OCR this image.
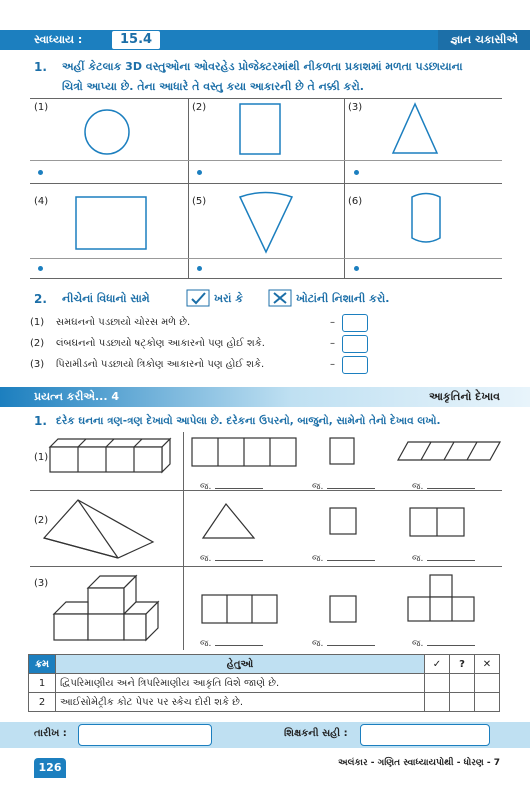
સ્વાધ્યાય :	15.4	જ્ઞાન ચકાસીએ
1. અહીં કેટલાક 3D વસ્તુઓના ઓવરહેડ પ્રોજેક્ટરમાંથી નીકળતા પ્રકાશમાં મળતા પડછાયાના
ચિત્રો આપ્યા છે. તેના આધારે તે વસ્તુ કયા આકારની છે તે નક્કી કરો.
(1)	(2)	(3)
(4)	(5)	(6)
2. નીચેનાં વિધાનો સામે	ખરાં કે	ખોટાંની નિશાની કરો.
(1) સમઘનનો પડછાયો ચોરસ મળે છે.	–
(2) લંબઘનનો પડછાયો ષટ્કોણ આકારનો પણ હોઈ શકે.	–
(3) પિરામીડનો પડછાયો ત્રિકોણ આકારનો પણ હોઈ શકે.	–
પ્રયત્ન કરીએ... 4	આકૃતિનો દેખાવ
1. દરેક ઘનના ત્રણ-ત્રણ દેખાવો આપેલા છે. દરેકના ઉપરનો, બાજુનો, સામેનો તેનો દેખાવ લખો.
(1)
(2)
(3)
જ.	જ.	જ.
જ.	જ.	જ.
જ.	જ.	જ.
ક્રમ	હેતુઓ	✓	?	✕
1	દ્વિપરિમાણીય અને ત્રિપરિમાણીય આકૃતિ વિશે જાણે છે.			
2	આઈસોમેટ્રીક કોટ પેપર પર સ્કેચ દોરી શકે છે.			
તારીખ :	શિક્ષકની સહી :
અલંકાર - ગણિત સ્વાધ્યાયપોથી - ધોરણ - 7
126
